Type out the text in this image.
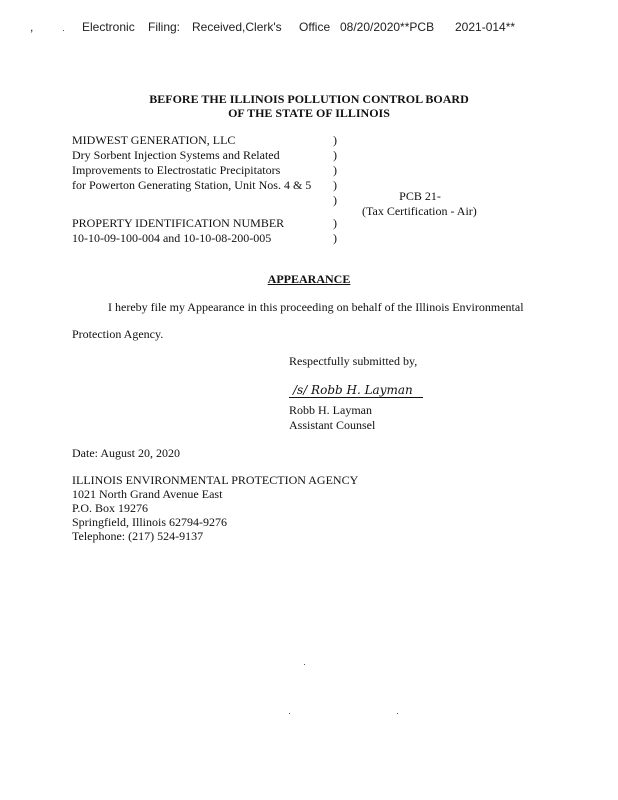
,	Electronic Filing: Received,Clerk's Office 08/20/2020**PCB 2021-014**
BEFORE THE ILLINOIS POLLUTION CONTROL BOARD
OF THE STATE OF ILLINOIS
MIDWEST GENERATION, LLC
Dry Sorbent Injection Systems and Related
Improvements to Electrostatic Precipitators
for Powerton Generating Station, Unit Nos. 4 & 5
PROPERTY IDENTIFICATION NUMBER
10-10-09-100-004 and 10-10-08-200-005
)
)
)
)
)
)
)
PCB 21-
(Tax Certification - Air)
APPEARANCE
I hereby file my Appearance in this proceeding on behalf of the Illinois Environmental
Protection Agency.
Respectfully submitted by,
/s/ Robb H. Layman
Robb H. Layman
Assistant Counsel
Date: August 20, 2020
ILLINOIS ENVIRONMENTAL PROTECTION AGENCY
1021 North Grand Avenue East
P.O. Box 19276
Springfield, Illinois 62794-9276
Telephone: (217) 524-9137
